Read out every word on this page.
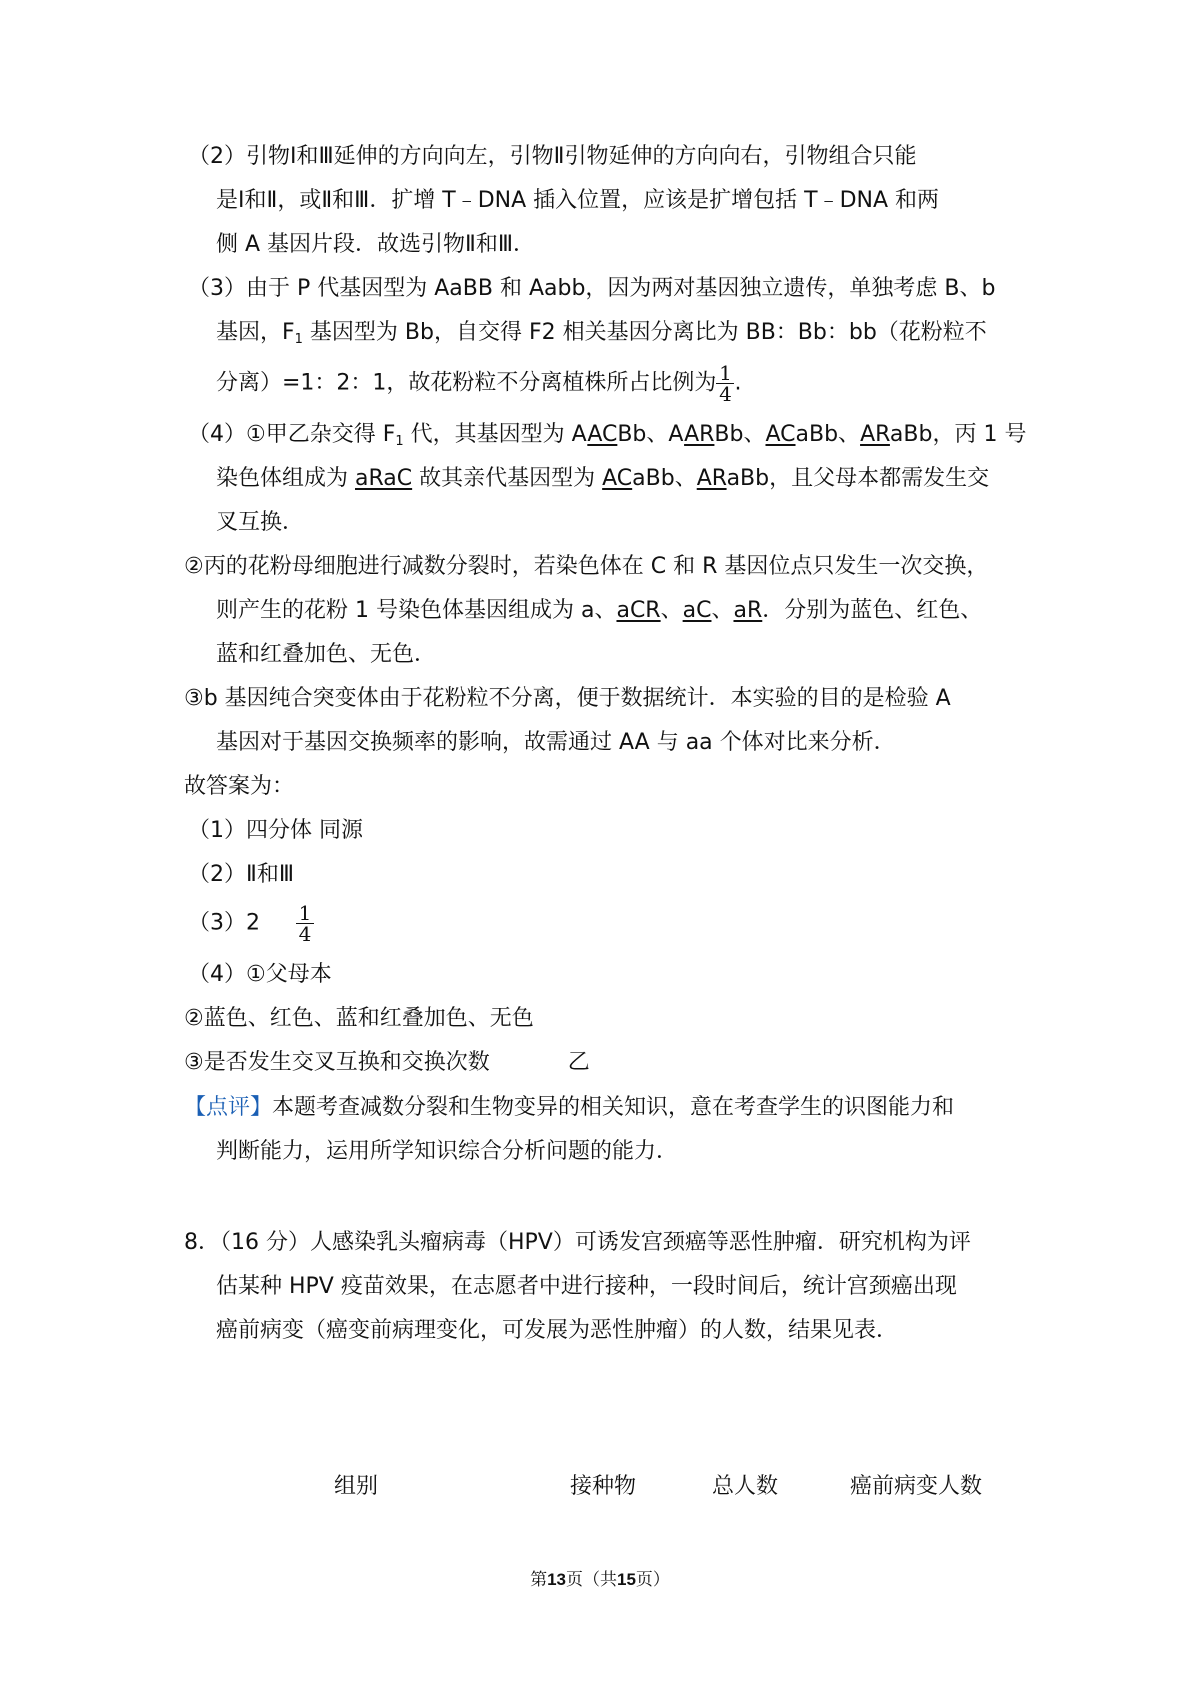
（2）引物Ⅰ和Ⅲ延伸的方向向左，引物Ⅱ引物延伸的方向向右，引物组合只能
是Ⅰ和Ⅱ，或Ⅱ和Ⅲ．扩增 T﹣DNA 插入位置，应该是扩增包括 T﹣DNA 和两
侧 A 基因片段．故选引物Ⅱ和Ⅲ．
（3）由于 P 代基因型为 AaBB 和 Aabb，因为两对基因独立遗传，单独考虑 B、b
基因，$F_1$ 基因型为 Bb，自交得 F2 相关基因分离比为 BB：Bb：bb（花粉粒不
分离）=1：2：1，故花粉粒不分离植株所占比例为 $\frac{1}{4}$ .
（4）①甲乙杂交得 $F_1$ 代，其基因型为 AACBb、AARBb、ACaBb、ARaBb，丙 1 号
染色体组成为 aRaC 故其亲代基因型为 ACaBb、ARaBb，且父母本都需发生交
叉互换．
②丙的花粉母细胞进行减数分裂时，若染色体在 C 和 R 基因位点只发生一次交换，
则产生的花粉 1 号染色体基因组成为 a、aCR、aC、aR．分别为蓝色、红色、
蓝和红叠加色、无色．
③b 基因纯合突变体由于花粉粒不分离，便于数据统计．本实验的目的是检验 A
基因对于基因交换频率的影响，故需通过 AA 与 aa 个体对比来分析．
故答案为：
（1）四分体 同源
（2）Ⅱ和Ⅲ
$(3)2 \frac{1}{4}$
（4）①父母本
②蓝色、红色、蓝和红叠加色、无色
③是否发生交叉互换和交换次数	乙
【点评】本题考查减数分裂和生物变异的相关知识，意在考查学生的识图能力和
判断能力，运用所学知识综合分析问题的能力．
8．（16 分）人感染乳头瘤病毒（HPV）可诱发宫颈癌等恶性肿瘤．研究机构为评
估某种 HPV 疫苗效果，在志愿者中进行接种，一段时间后，统计宫颈癌出现
癌前病变（癌变前病理变化，可发展为恶性肿瘤）的人数，结果见表．
组别	接种物	总人数	癌前病变人数
第13页（共15页）
